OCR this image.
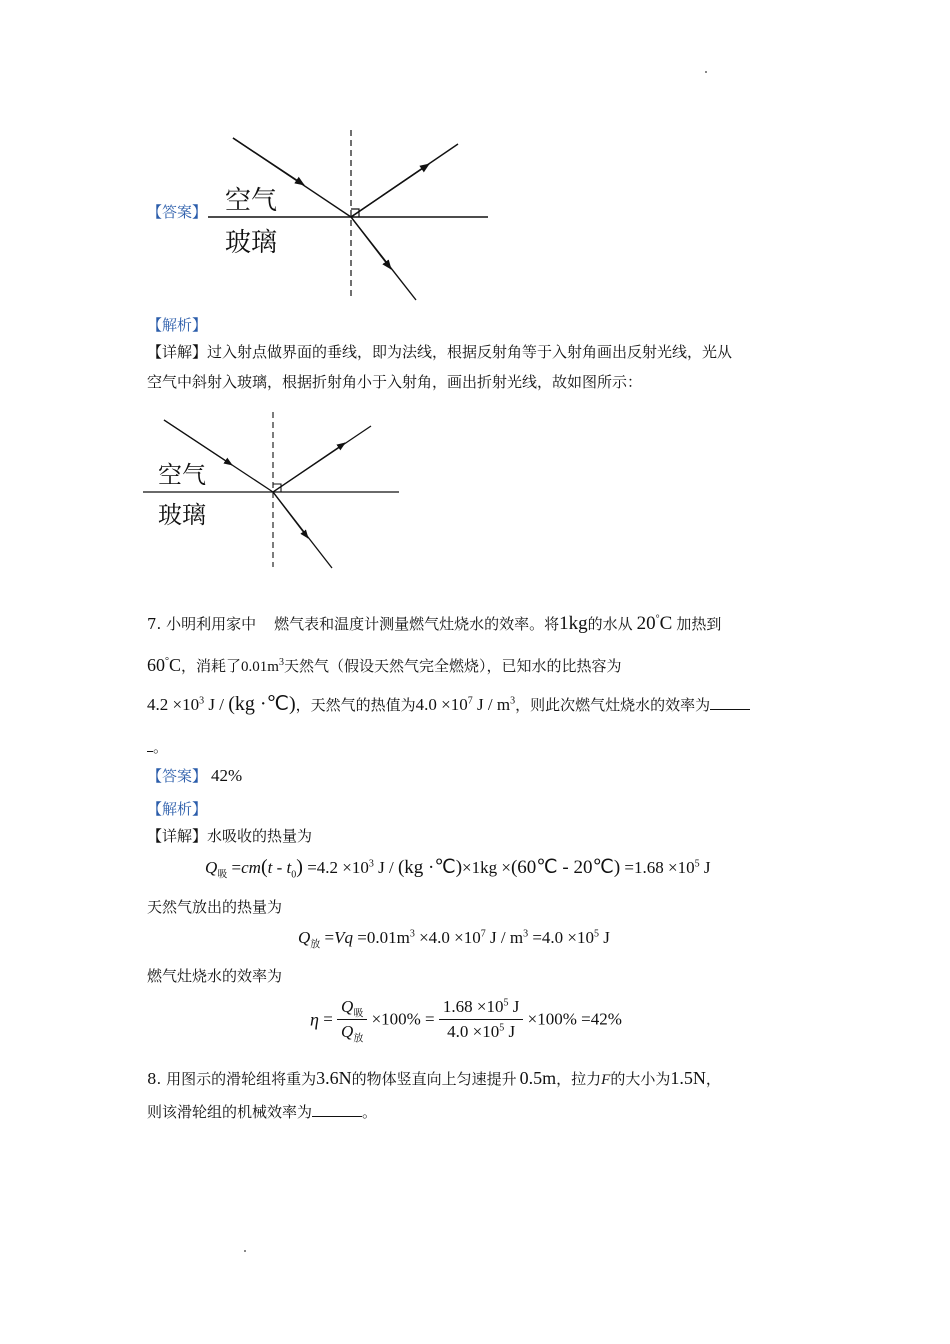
【答案】 空气
玻璃
【解析】
【详解】过入射点做界面的垂线，即为法线，根据反射角等于入射角画出反射光线，光从
空气中斜射入玻璃，根据折射角小于入射角，画出折射光线，故如图所示：
空气
玻璃
7. 小明利用家中 燃气表和温度计测量燃气灶烧水的效率。将1kg的水从 20°C 加热到
60°C，消耗了$0.01m^3$天然气（假设天然气完全燃烧），已知水的比热容为
$4.2 \times 10^3$ J / (kg ·℃)，天然气的热值为$4.0 \times 10^7$ J / $m^3$，则此次燃气灶烧水的效率为
。
【答案】 42%
【解析】
【详解】水吸收的热量为
$Q_吸 =cm(t - t_0) =4.2 \times 10^3$ J / (kg ·℃)×1kg ×(60℃ - 20℃) $=1.68 \times 10^5$ J
天然气放出的热量为
$Q_放 =Vq =0.01m^3 \times 4.0 \times 10^7$ $J / m^3 =4.0 \times 10^5$ J
燃气灶烧水的效率为
$\eta = \frac{Q_吸}{Q_放} \times 100\% = \frac{1.68 \times 10^5 J}{4.0 \times 10^5 J} \times 100\% =42\%$
8. 用图示的滑轮组将重为3.6N的物体竖直向上匀速提升 0.5m，拉力F的大小为1.5N，
则该滑轮组的机械效率为	。
